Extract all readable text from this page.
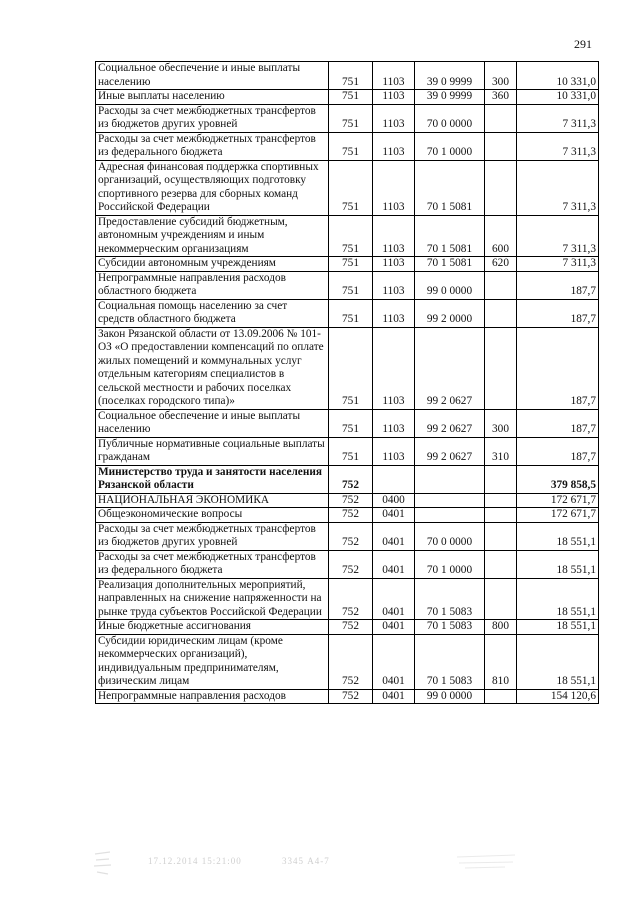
291
Социальное обеспечение и иные выплаты населению	751	1103	39 0 9999	300	10 331,0
Иные выплаты населению	751	1103	39 0 9999	360	10 331,0
Расходы за счет межбюджетных трансфертов из бюджетов других уровней	751	1103	70 0 0000		7 311,3
Расходы за счет межбюджетных трансфертов из федерального бюджета	751	1103	70 1 0000		7 311,3
Адресная финансовая поддержка спортивных организаций, осуществляющих подготовку спортивного резерва для сборных команд Российской Федерации	751	1103	70 1 5081		7 311,3
Предоставление субсидий бюджетным, автономным учреждениям и иным некоммерческим организациям	751	1103	70 1 5081	600	7 311,3
Субсидии автономным учреждениям	751	1103	70 1 5081	620	7 311,3
Непрограммные направления расходов областного бюджета	751	1103	99 0 0000		187,7
Социальная помощь населению за счет средств областного бюджета	751	1103	99 2 0000		187,7
Закон Рязанской области от 13.09.2006 № 101-ОЗ «О предоставлении компенсаций по оплате жилых помещений и коммунальных услуг отдельным категориям специалистов в сельской местности и рабочих поселках (поселках городского типа)»	751	1103	99 2 0627		187,7
Социальное обеспечение и иные выплаты населению	751	1103	99 2 0627	300	187,7
Публичные нормативные социальные выплаты гражданам	751	1103	99 2 0627	310	187,7
Министерство труда и занятости населения Рязанской области	752				379 858,5
НАЦИОНАЛЬНАЯ ЭКОНОМИКА	752	0400			172 671,7
Общеэкономические вопросы	752	0401			172 671,7
Расходы за счет межбюджетных трансфертов из бюджетов других уровней	752	0401	70 0 0000		18 551,1
Расходы за счет межбюджетных трансфертов из федерального бюджета	752	0401	70 1 0000		18 551,1
Реализация дополнительных мероприятий, направленных на снижение напряженности на рынке труда субъектов Российской Федерации	752	0401	70 1 5083		18 551,1
Иные бюджетные ассигнования	752	0401	70 1 5083	800	18 551,1
Субсидии юридическим лицам (кроме некоммерческих организаций), индивидуальным предпринимателям, физическим лицам	752	0401	70 1 5083	810	18 551,1
Непрограммные направления расходов	752	0401	99 0 0000		154 120,6
17.12.2014 15:21:00	3345 А4-7
